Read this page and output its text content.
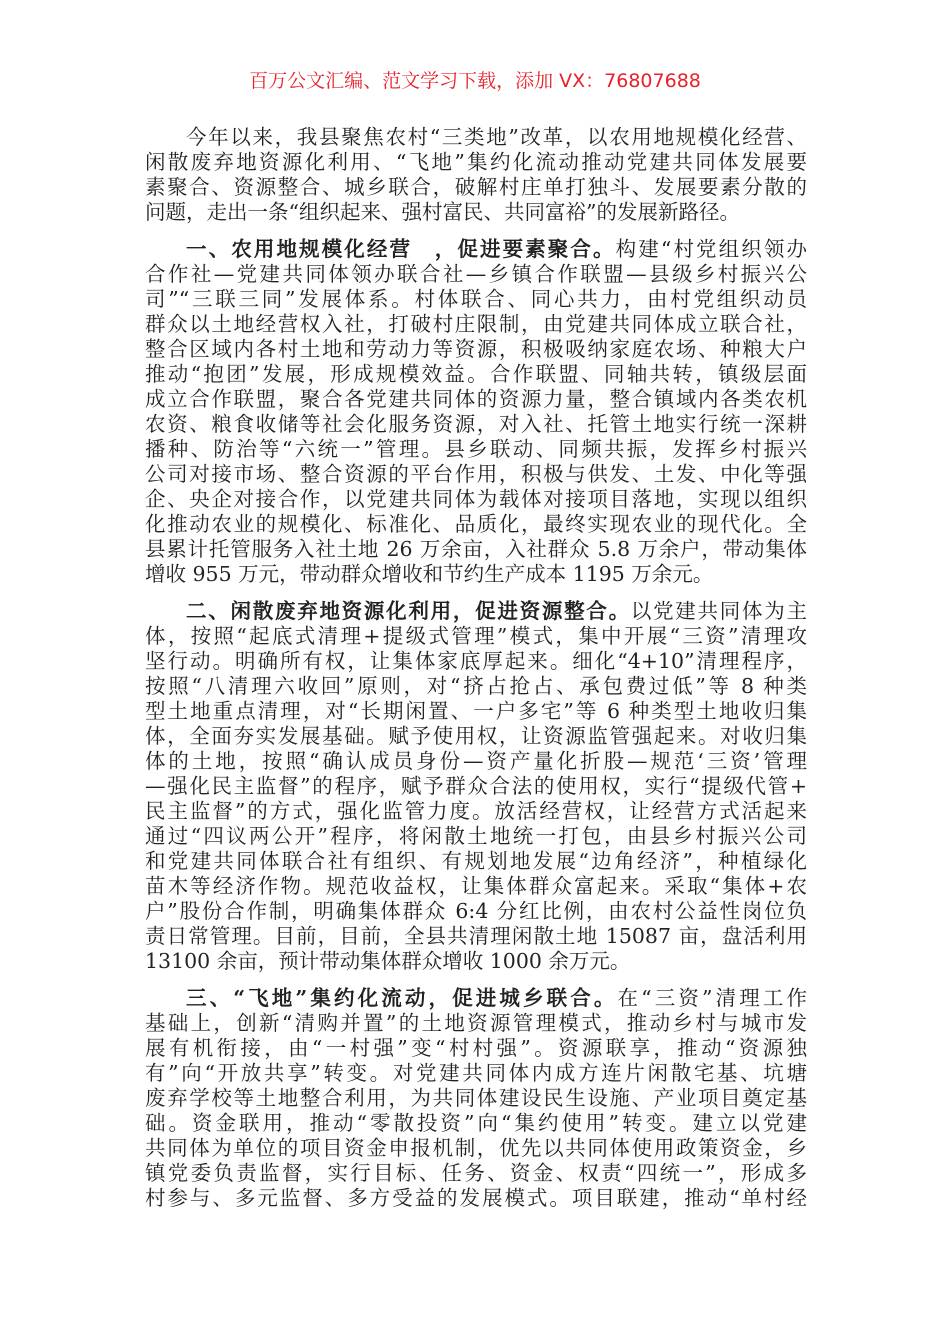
百万公文汇编、范文学习下载，添加 VX：76807688
今年以来，我县聚焦农村“三类地”改革，以农用地规模化经营、
闲散废弃地资源化利用、“飞地”集约化流动推动党建共同体发展要
素聚合、资源整合、城乡联合，破解村庄单打独斗、发展要素分散的
问题，走出一条“组织起来、强村富民、共同富裕”的发展新路径。
一、农用地规模化经营　，促进要素聚合。构建“村党组织领办
合作社—党建共同体领办联合社—乡镇合作联盟—县级乡村振兴公
司”“三联三同”发展体系。村体联合、同心共力，由村党组织动员
群众以土地经营权入社，打破村庄限制，由党建共同体成立联合社，
整合区域内各村土地和劳动力等资源，积极吸纳家庭农场、种粮大户
推动“抱团”发展，形成规模效益。合作联盟、同轴共转，镇级层面
成立合作联盟，聚合各党建共同体的资源力量，整合镇域内各类农机
农资、粮食收储等社会化服务资源，对入社、托管土地实行统一深耕
播种、防治等“六统一”管理。县乡联动、同频共振，发挥乡村振兴
公司对接市场、整合资源的平台作用，积极与供发、土发、中化等强
企、央企对接合作，以党建共同体为载体对接项目落地，实现以组织
化推动农业的规模化、标准化、品质化，最终实现农业的现代化。全
县累计托管服务入社土地 26 万余亩，入社群众 5.8 万余户，带动集体
增收 955 万元，带动群众增收和节约生产成本 1195 万余元。
二、闲散废弃地资源化利用，促进资源整合。以党建共同体为主
体，按照“起底式清理+提级式管理”模式，集中开展“三资”清理攻
坚行动。明确所有权，让集体家底厚起来。细化“4+10”清理程序，
按照“八清理六收回”原则，对“挤占抢占、承包费过低”等 8 种类
型土地重点清理，对“长期闲置、一户多宅”等 6 种类型土地收归集
体，全面夯实发展基础。赋予使用权，让资源监管强起来。对收归集
体的土地，按照“确认成员身份—资产量化折股—规范‘三资’管理
—强化民主监督”的程序，赋予群众合法的使用权，实行“提级代管+
民主监督”的方式，强化监管力度。放活经营权，让经营方式活起来
通过“四议两公开”程序，将闲散土地统一打包，由县乡村振兴公司
和党建共同体联合社有组织、有规划地发展“边角经济”，种植绿化
苗木等经济作物。规范收益权，让集体群众富起来。采取“集体+农
户”股份合作制，明确集体群众 6:4 分红比例，由农村公益性岗位负
责日常管理。目前，目前，全县共清理闲散土地 15087 亩，盘活利用
13100 余亩，预计带动集体群众增收 1000 余万元。
三、“飞地”集约化流动，促进城乡联合。在“三资”清理工作
基础上，创新“清购并置”的土地资源管理模式，推动乡村与城市发
展有机衔接，由“一村强”变“村村强”。资源联享，推动“资源独
有”向“开放共享”转变。对党建共同体内成方连片闲散宅基、坑塘
废弃学校等土地整合利用，为共同体建设民生设施、产业项目奠定基
础。资金联用，推动“零散投资”向“集约使用”转变。建立以党建
共同体为单位的项目资金申报机制，优先以共同体使用政策资金，乡
镇党委负责监督，实行目标、任务、资金、权责“四统一”，形成多
村参与、多元监督、多方受益的发展模式。项目联建，推动“单村经
